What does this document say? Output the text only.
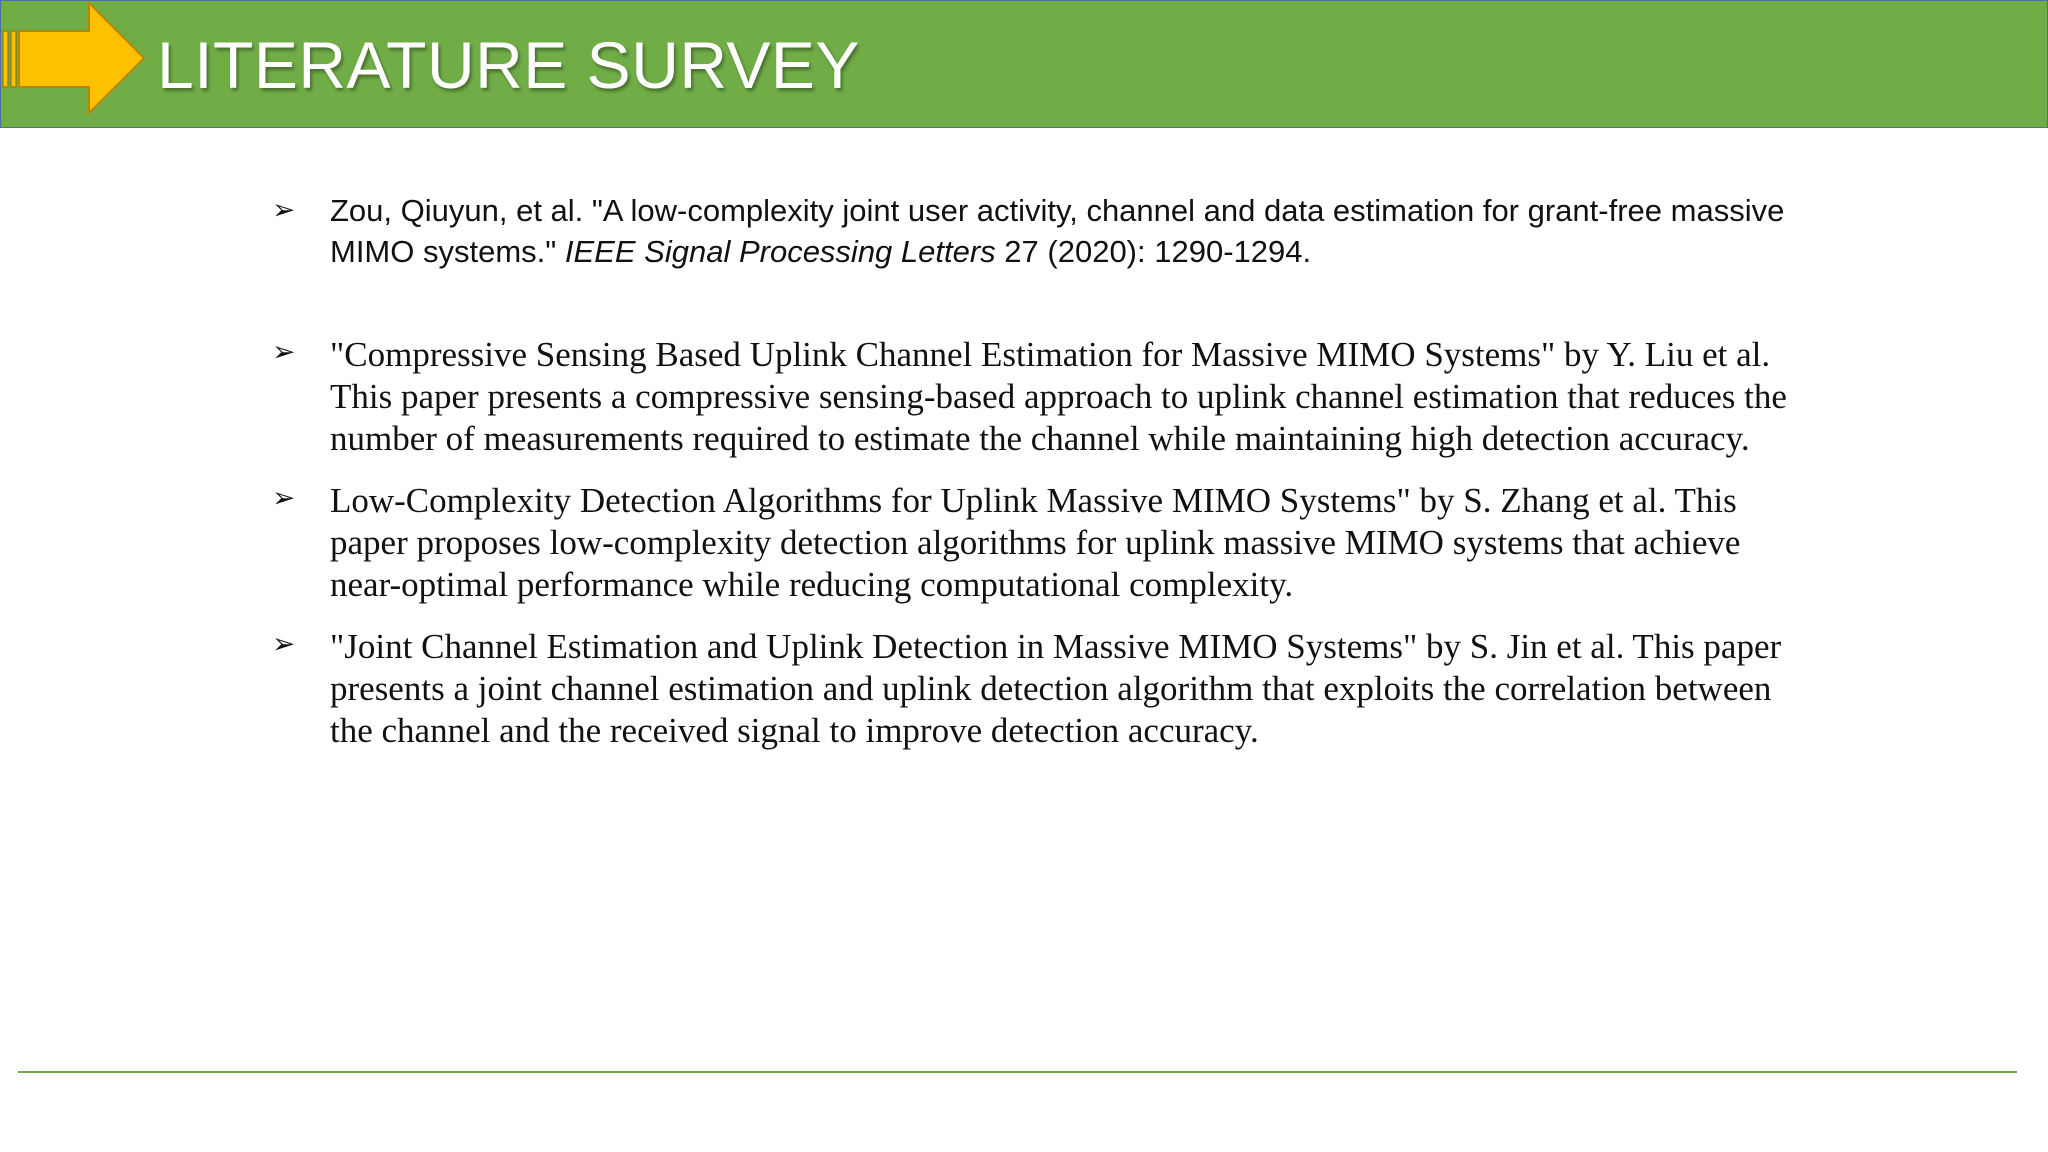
LITERATURE SURVEY
➢ Zou, Qiuyun, et al. "A low-complexity joint user activity, channel and data estimation for grant-free massive MIMO systems." IEEE Signal Processing Letters 27 (2020): 1290-1294.
➢ "Compressive Sensing Based Uplink Channel Estimation for Massive MIMO Systems" by Y. Liu et al. This paper presents a compressive sensing-based approach to uplink channel estimation that reduces the number of measurements required to estimate the channel while maintaining high detection accuracy.
➢ Low-Complexity Detection Algorithms for Uplink Massive MIMO Systems" by S. Zhang et al. This paper proposes low-complexity detection algorithms for uplink massive MIMO systems that achieve near-optimal performance while reducing computational complexity.
➢ "Joint Channel Estimation and Uplink Detection in Massive MIMO Systems" by S. Jin et al. This paper presents a joint channel estimation and uplink detection algorithm that exploits the correlation between the channel and the received signal to improve detection accuracy.
